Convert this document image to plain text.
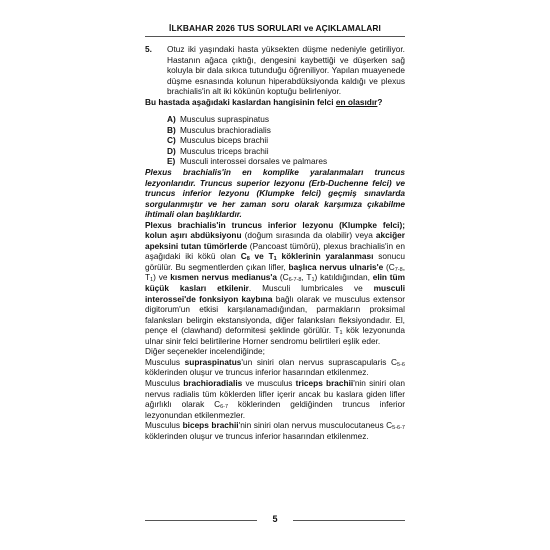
İLKBAHAR 2026 TUS SORULARI ve AÇIKLAMALARI
5.	Otuz iki yaşındaki hasta yüksekten düşme nedeniyle getiriliyor. Hastanın ağaca çıktığı, dengesini kaybettiği ve düşerken sağ koluyla bir dala sıkıca tutunduğu öğreniliyor. Yapılan muayenede düşme esnasında kolunun hiperabdüksiyonda kaldığı ve plexus brachialis'in alt iki kökünün koptuğu belirleniyor.

Bu hastada aşağıdaki kaslardan hangisinin felci en olasıdır?

A) Musculus supraspinatus
B) Musculus brachioradialis
C) Musculus biceps brachii
D) Musculus triceps brachii
E) Musculi interossei dorsales ve palmares

Plexus brachialis'in en komplike yaralanmaları truncus lezyonlarıdır. Truncus superior lezyonu (Erb-Duchenne felci) ve truncus inferior lezyonu (Klumpke felci) geçmiş sınavlarda sorgulanmıştır ve her zaman soru olarak karşımıza çıkabilme ihtimali olan başlıklardır.

Plexus brachialis'in truncus inferior lezyonu (Klumpke felci); kolun aşırı abdüksiyonu (doğum sırasında da olabilir) veya akciğer apeksini tutan tümörlerde (Pancoast tümörü), plexus brachialis'in en aşağıdaki iki kökü olan $C_8$ ve $T_1$ köklerinin yaralanması sonucu görülür. Bu segmentlerden çıkan lifler, başlıca nervus ulnaris'e ($C_{7-8}$, $T_1$) ve kısmen nervus medianus'a ($C_{6-7-8}$, $T_1$) katıldığından, elin tüm küçük kasları etkilenir. Musculi lumbricales ve musculi interossei'de fonksiyon kaybına bağlı olarak ve musculus extensor digitorum'un etkisi karşılanamadığından, parmakların proksimal falanksları belirgin ekstansiyonda, diğer falanksları fleksiyondadır. El, pençe el (clawhand) deformitesi şeklinde görülür. $T_1$ kök lezyonunda ulnar sinir felci belirtilerine Horner sendromu belirtileri eşlik eder.

Diğer seçenekler incelendiğinde;

Musculus supraspinatus'un siniri olan nervus suprascapularis $C_{5-6}$ köklerinden oluşur ve truncus inferior hasarından etkilenmez.

Musculus brachioradialis ve musculus triceps brachii'nin siniri olan nervus radialis tüm köklerden lifler içerir ancak bu kaslara giden lifler ağırlıklı olarak $C_{6-7}$ köklerinden geldiğinden truncus inferior lezyonundan etkilenmezler.

Musculus biceps brachii'nin siniri olan nervus musculocutaneus $C_{5-6-7}$ köklerinden oluşur ve truncus inferior hasarından etkilenmez.

5
